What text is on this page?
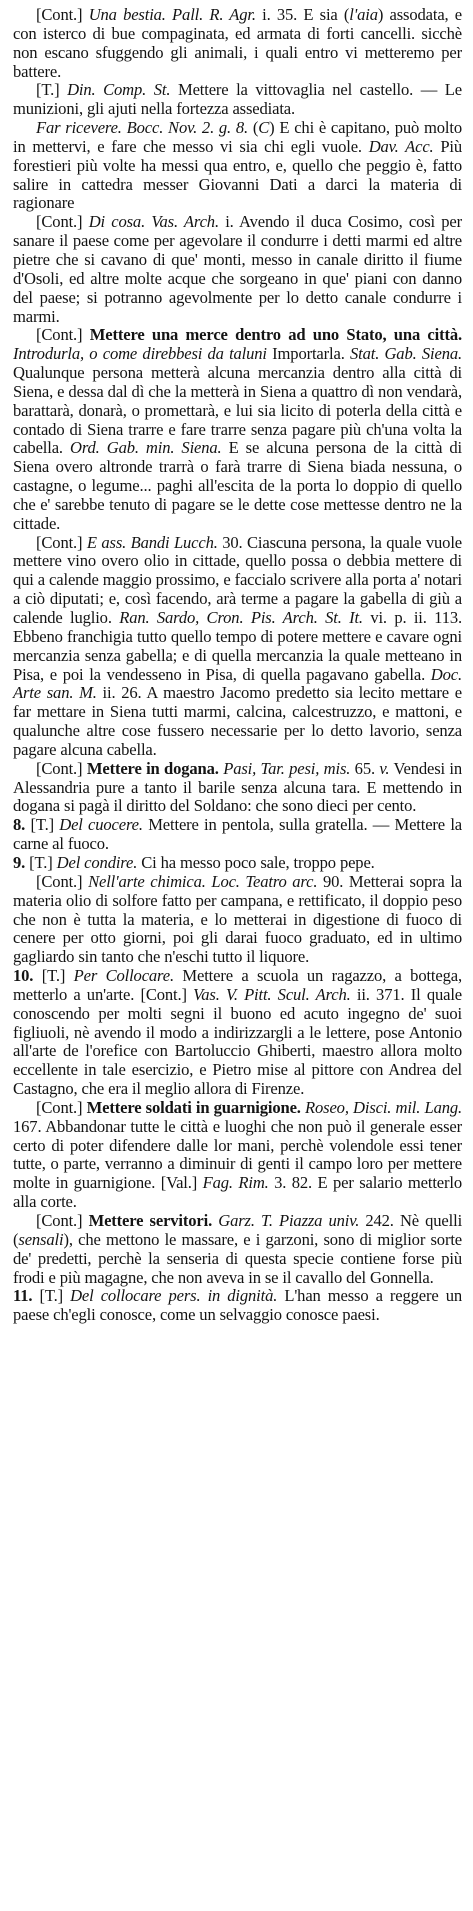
[Cont.] Una bestia. Pall. R. Agr. i. 35. E sia (l'aia) assodata, e con isterco di bue compaginata, ed armata di forti cancelli. sicchè non escano sfuggendo gli animali, i quali entro vi metteremo per battere.

[T.] Din. Comp. St. Mettere la vittovaglia nel castello. — Le munizioni, gli ajuti nella fortezza assediata.

Far ricevere. Bocc. Nov. 2. g. 8. (C) E chi è capitano, può molto in mettervi, e fare che messo vi sia chi egli vuole. Dav. Acc. Più forestieri più volte ha messi qua entro, e, quello che peggio è, fatto salire in cattedra messer Giovanni Dati a darci la materia di ragionare

[Cont.] Di cosa. Vas. Arch. i. Avendo il duca Cosimo, così per sanare il paese come per agevolare il condurre i detti marmi ed altre pietre che si cavano di que' monti, messo in canale diritto il fiume d'Osoli, ed altre molte acque che sorgeano in que' piani con danno del paese; si potranno agevolmente per lo detto canale condurre i marmi.

[Cont.] Mettere una merce dentro ad uno Stato, una città. Introdurla, o come direbbesi da taluni Importarla. Stat. Gab. Siena. Qualunque persona metterà alcuna mercanzia dentro alla città di Siena, e dessa dal dì che la metterà in Siena a quattro dì non vendarà, barattarà, donarà, o promettarà, e lui sia licito di poterla della città e contado di Siena trarre e fare trarre senza pagare più ch'una volta la cabella. Ord. Gab. min. Siena. E se alcuna persona de la città di Siena overo altronde trarrà o farà trarre di Siena biada nessuna, o castagne, o legume... paghi all'escita de la porta lo doppio di quello che e' sarebbe tenuto di pagare se le dette cose mettesse dentro ne la cittade.

[Cont.] E ass. Bandi Lucch. 30. Ciascuna persona, la quale vuole mettere vino overo olio in cittade, quello possa o debbia mettere di qui a calende maggio prossimo, e faccialo scrivere alla porta a' notari a ciò diputati; e, così facendo, arà terme a pagare la gabella di giù a calende luglio. Ran. Sardo, Cron. Pis. Arch. St. It. vi. p. ii. 113. Ebbeno franchigia tutto quello tempo di potere mettere e cavare ogni mercanzia senza gabella; e di quella mercanzia la quale metteano in Pisa, e poi la vendesseno in Pisa, di quella pagavano gabella. Doc. Arte san. M. ii. 26. A maestro Jacomo predetto sia lecito mettare e far mettare in Siena tutti marmi, calcina, calcestruzzo, e mattoni, e qualunche altre cose fussero necessarie per lo detto lavorio, senza pagare alcuna cabella.

[Cont.] Mettere in dogana. Pasi, Tar. pesi, mis. 65. v. Vendesi in Alessandria pure a tanto il barile senza alcuna tara. E mettendo in dogana si pagà il diritto del Soldano: che sono dieci per cento.

8. [T.] Del cuocere. Mettere in pentola, sulla gratella. — Mettere la carne al fuoco.

9. [T.] Del condire. Ci ha messo poco sale, troppo pepe.

[Cont.] Nell'arte chimica. Loc. Teatro arc. 90. Metterai sopra la materia olio di solfore fatto per campana, e rettificato, il doppio peso che non è tutta la materia, e lo metterai in digestione di fuoco di cenere per otto giorni, poi gli darai fuoco graduato, ed in ultimo gagliardo sin tanto che n'eschi tutto il liquore.

10. [T.] Per Collocare. Mettere a scuola un ragazzo, a bottega, metterlo a un'arte. [Cont.] Vas. V. Pitt. Scul. Arch. ii. 371. Il quale conoscendo per molti segni il buono ed acuto ingegno de' suoi figliuoli, nè avendo il modo a indirizzargli a le lettere, pose Antonio all'arte de l'orefice con Bartoluccio Ghiberti, maestro allora molto eccellente in tale esercizio, e Pietro mise al pittore con Andrea del Castagno, che era il meglio allora di Firenze.

[Cont.] Mettere soldati in guarnigione. Roseo, Disci. mil. Lang. 167. Abbandonar tutte le città e luoghi che non può il generale esser certo di poter difendere dalle lor mani, perchè volendole essi tener tutte, o parte, verranno a diminuir di genti il campo loro per mettere molte in guarnigione. [Val.] Fag. Rim. 3. 82. E per salario metterlo alla corte.

[Cont.] Mettere servitori. Garz. T. Piazza univ. 242. Nè quelli (sensali), che mettono le massare, e i garzoni, sono di miglior sorte de' predetti, perchè la senseria di questa specie contiene forse più frodi e più magagne, che non aveva in se il cavallo del Gonnella.

11. [T.] Del collocare pers. in dignità. L'han messo a reggere un paese ch'egli conosce, come un selvaggio conosce paesi.
